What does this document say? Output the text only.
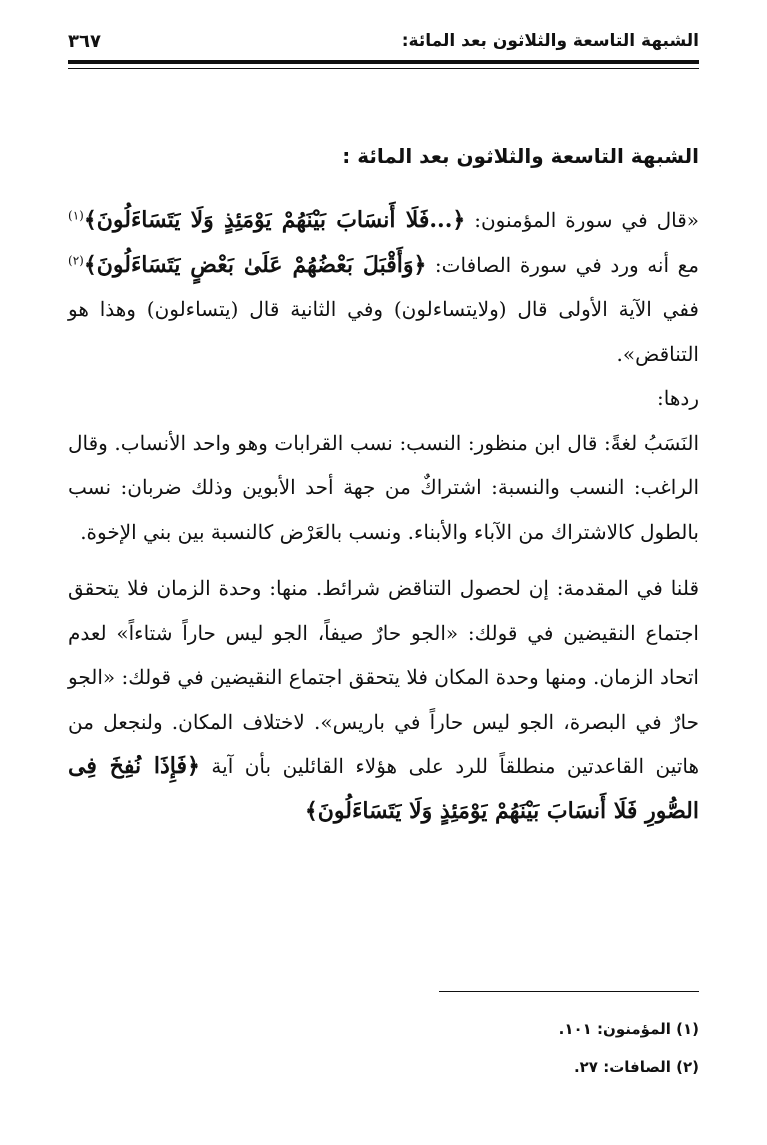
الشبهة التاسعة والثلاثون بعد المائة:
٣٦٧
الشبهة التاسعة والثلاثون بعد المائة :

«قال في سورة المؤمنون: ﴿...فَلَا أَنسَابَ بَيْنَهُمْ يَوْمَئِذٍ وَلَا يَتَسَاءَلُونَ﴾$^{(١)}$ مع أنه ورد في سورة الصافات: ﴿وَأَقْبَلَ بَعْضُهُمْ عَلَىٰ بَعْضٍ يَتَسَاءَلُونَ﴾$^{(٢)}$ ففي الآية الأولى قال (ولايتساءلون) وفي الثانية قال (يتساءلون) وهذا هو التناقض».

ردها:

النَسَبُ لغةً: قال ابن منظور: النسب: نسب القرابات وهو واحد الأنساب. وقال الراغب: النسب والنسبة: اشتراكٌ من جهة أحد الأبوين وذلك ضربان: نسب بالطول كالاشتراك من الآباء والأبناء. ونسب بالعَرْض كالنسبة بين بني الإخوة.

قلنا في المقدمة: إن لحصول التناقض شرائط. منها: وحدة الزمان فلا يتحقق اجتماع النقيضين في قولك: «الجو حارٌ صيفاً، الجو ليس حاراً شتاءاً» لعدم اتحاد الزمان. ومنها وحدة المكان فلا يتحقق اجتماع النقيضين في قولك: «الجو حارٌ في البصرة، الجو ليس حاراً في باريس». لاختلاف المكان. ولنجعل من هاتين القاعدتين منطلقاً للرد على هؤلاء القائلين بأن آية ﴿فَإِذَا نُفِخَ فِى الصُّورِ فَلَا أَنسَابَ بَيْنَهُمْ يَوْمَئِذٍ وَلَا يَتَسَاءَلُونَ﴾

(١) المؤمنون: ١٠١.
(٢) الصافات: ٢٧.
